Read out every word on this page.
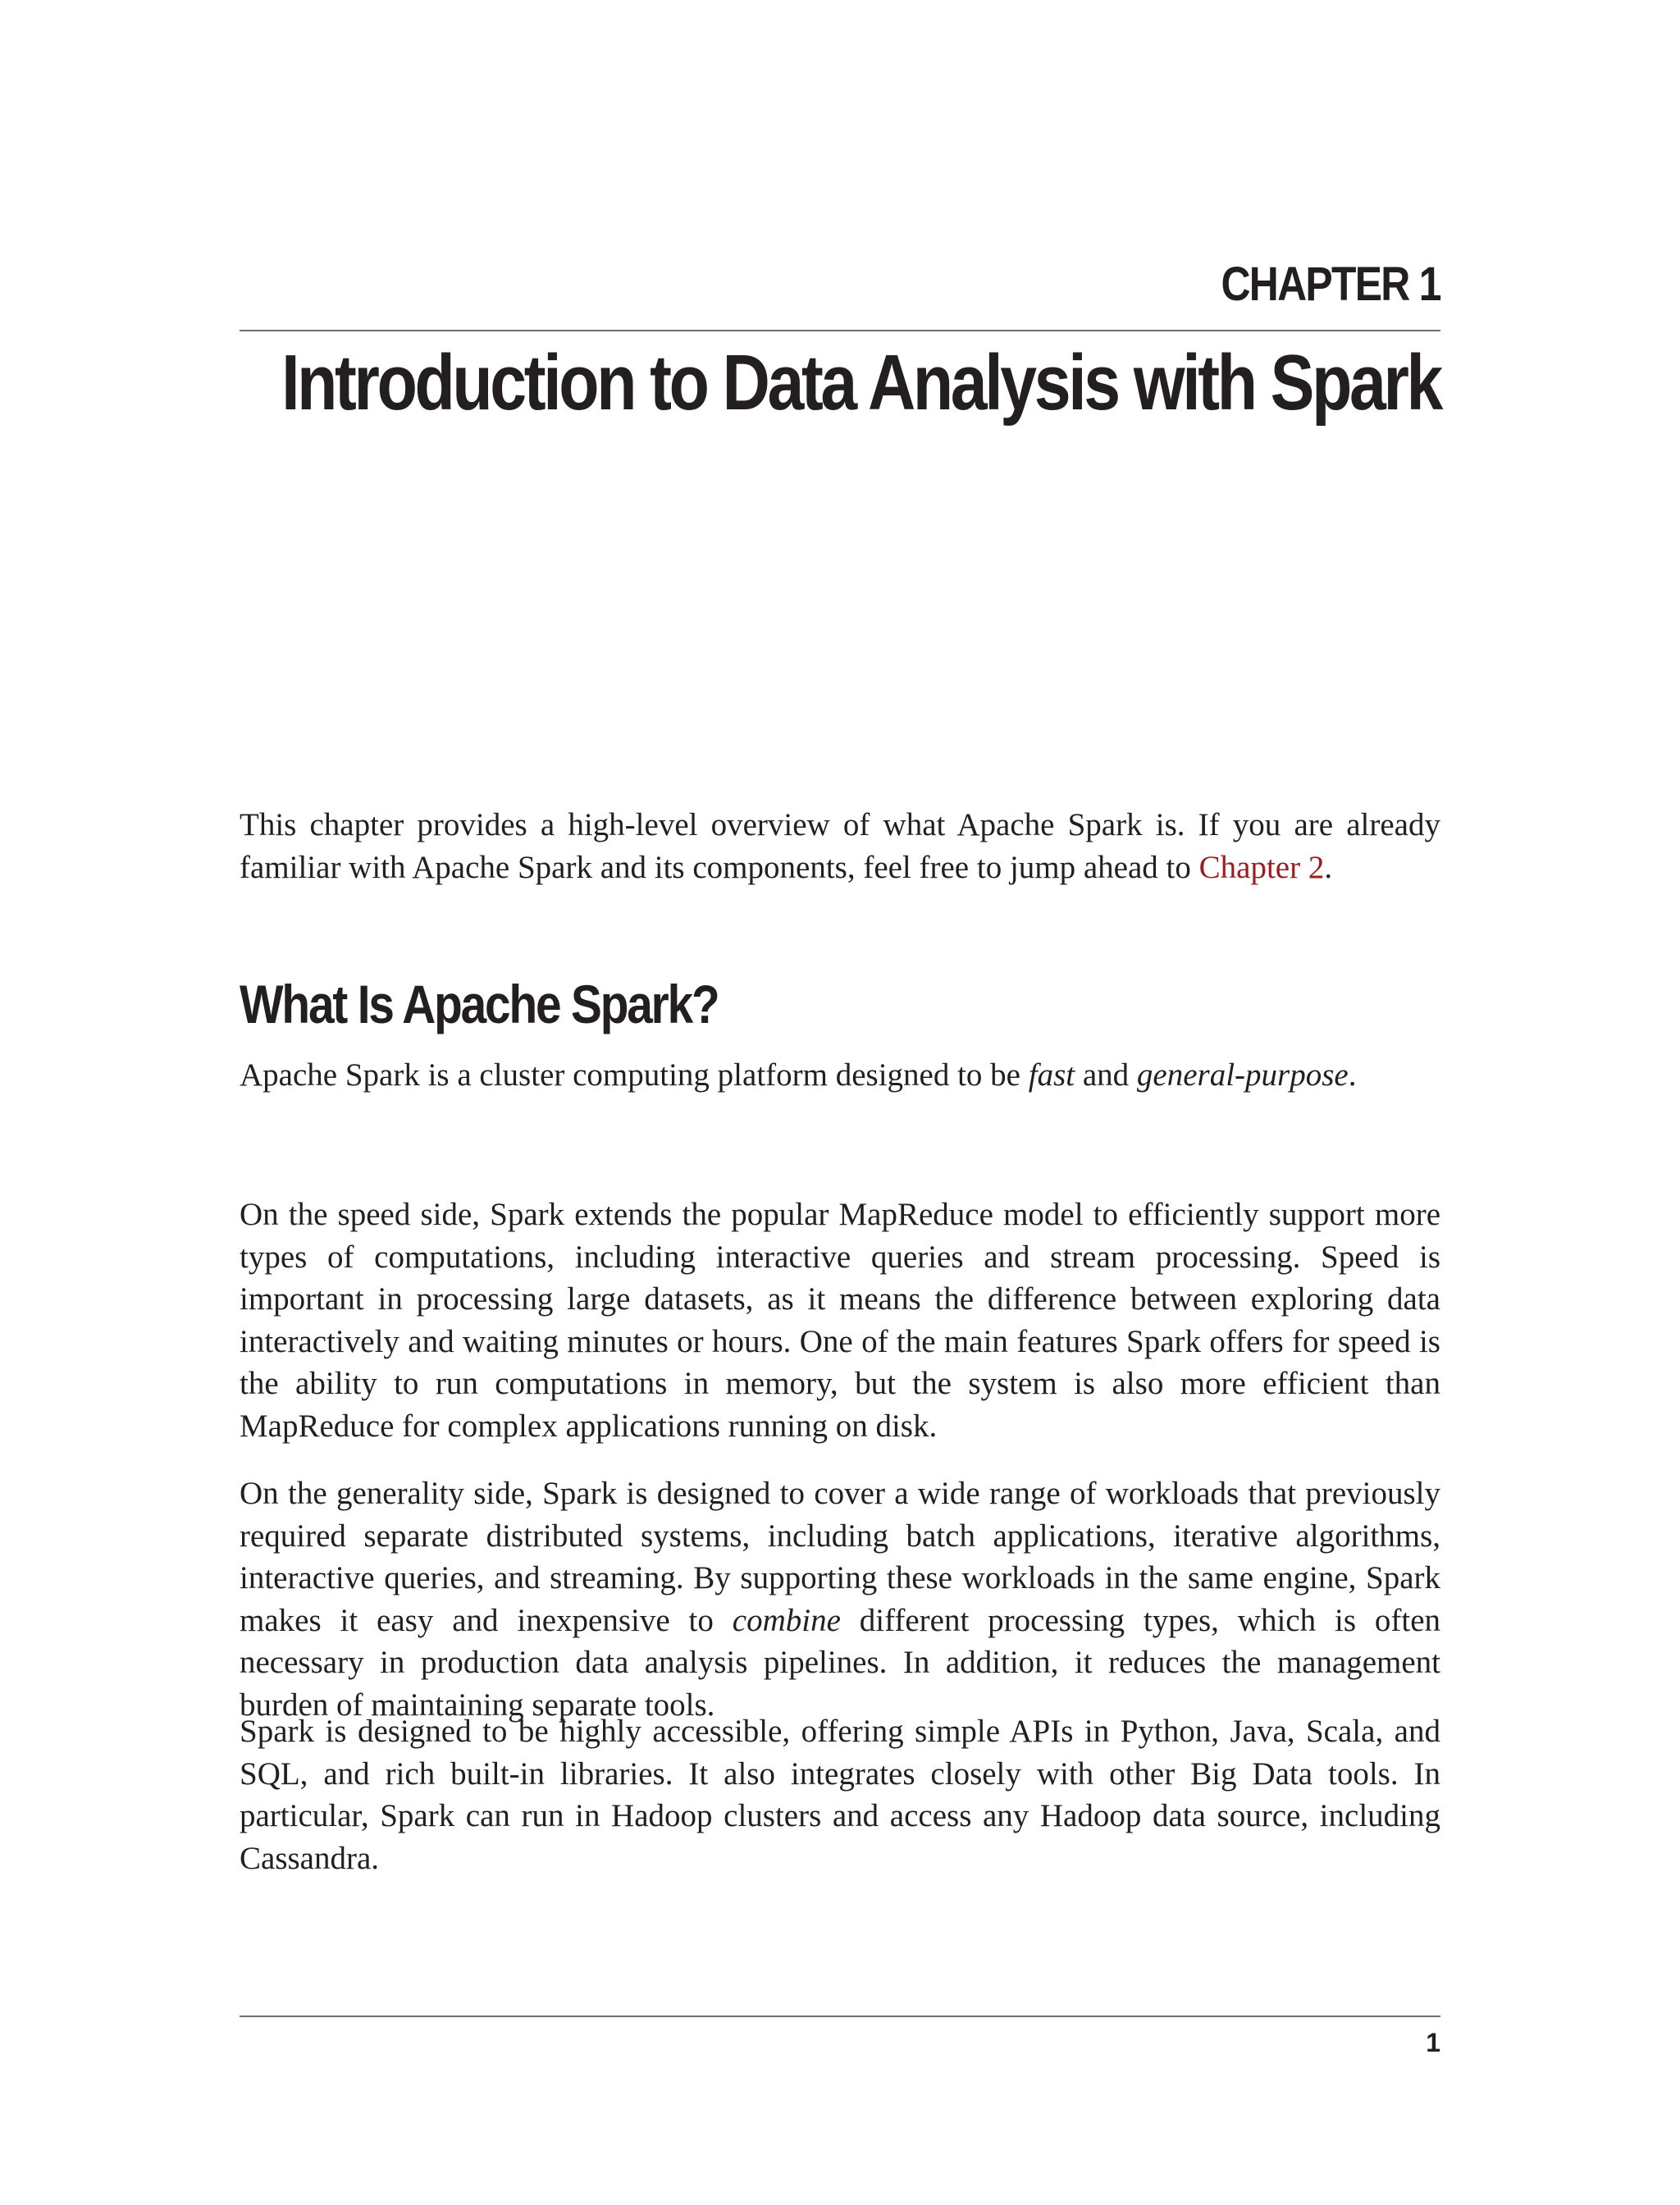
CHAPTER 1
Introduction to Data Analysis with Spark

This chapter provides a high-level overview of what Apache Spark is. If you are already familiar with Apache Spark and its components, feel free to jump ahead to Chapter 2.

What Is Apache Spark?

Apache Spark is a cluster computing platform designed to be fast and general-purpose.

On the speed side, Spark extends the popular MapReduce model to efficiently support more types of computations, including interactive queries and stream processing. Speed is important in processing large datasets, as it means the difference between exploring data interactively and waiting minutes or hours. One of the main features Spark offers for speed is the ability to run computations in memory, but the system is also more efficient than MapReduce for complex applications running on disk.

On the generality side, Spark is designed to cover a wide range of workloads that previously required separate distributed systems, including batch applications, iterative algorithms, interactive queries, and streaming. By supporting these workloads in the same engine, Spark makes it easy and inexpensive to combine different processing types, which is often necessary in production data analysis pipelines. In addition, it reduces the management burden of maintaining separate tools.

Spark is designed to be highly accessible, offering simple APIs in Python, Java, Scala, and SQL, and rich built-in libraries. It also integrates closely with other Big Data tools. In particular, Spark can run in Hadoop clusters and access any Hadoop data source, including Cassandra.

1
